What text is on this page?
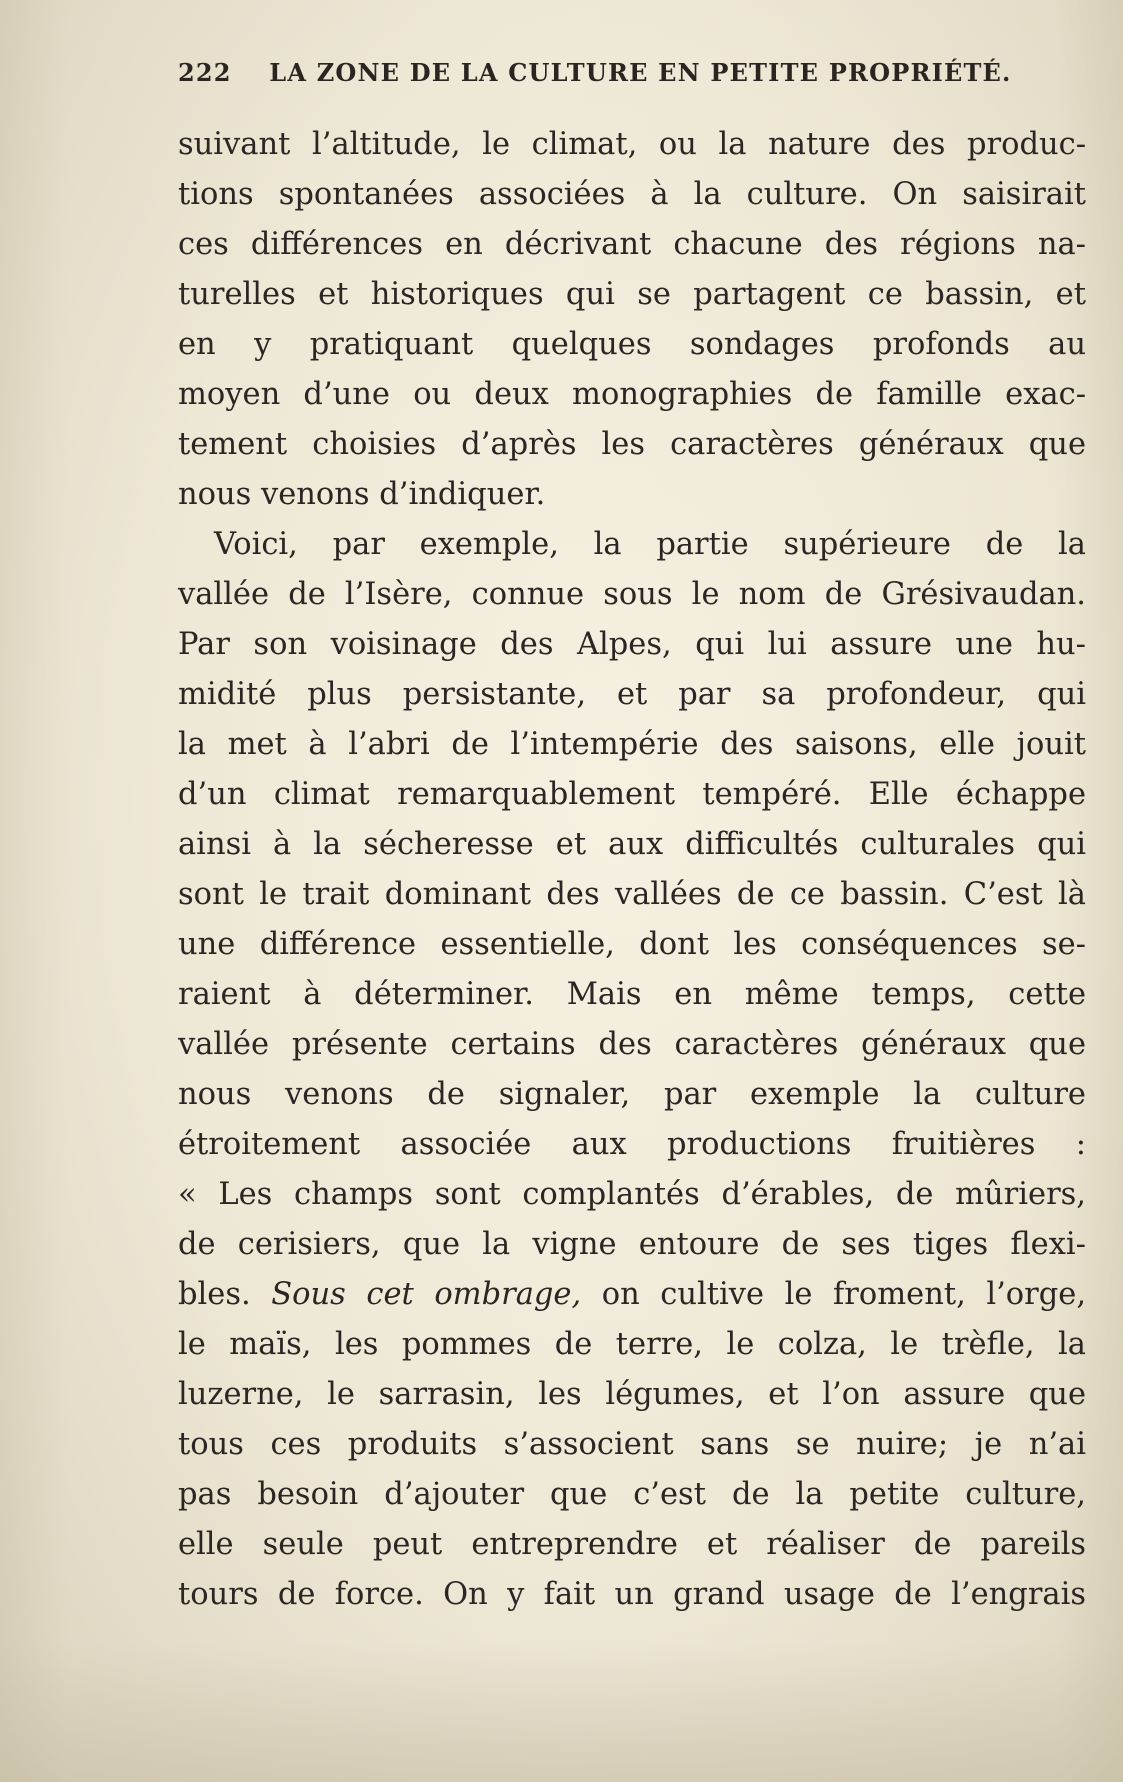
222 LA ZONE DE LA CULTURE EN PETITE PROPRIÉTÉ.
suivant l’altitude, le climat, ou la nature des produc-
tions spontanées associées à la culture. On saisirait
ces différences en décrivant chacune des régions na-
turelles et historiques qui se partagent ce bassin, et
en y pratiquant quelques sondages profonds au
moyen d’une ou deux monographies de famille exac-
tement choisies d’après les caractères généraux que
nous venons d’indiquer.
Voici, par exemple, la partie supérieure de la
vallée de l’Isère, connue sous le nom de Grésivaudan.
Par son voisinage des Alpes, qui lui assure une hu-
midité plus persistante, et par sa profondeur, qui
la met à l’abri de l’intempérie des saisons, elle jouit
d’un climat remarquablement tempéré. Elle échappe
ainsi à la sécheresse et aux difficultés culturales qui
sont le trait dominant des vallées de ce bassin. C’est là
une différence essentielle, dont les conséquences se-
raient à déterminer. Mais en même temps, cette
vallée présente certains des caractères généraux que
nous venons de signaler, par exemple la culture
étroitement associée aux productions fruitières :
« Les champs sont complantés d’érables, de mûriers,
de cerisiers, que la vigne entoure de ses tiges flexi-
bles. Sous cet ombrage, on cultive le froment, l’orge,
le maïs, les pommes de terre, le colza, le trèfle, la
luzerne, le sarrasin, les légumes, et l’on assure que
tous ces produits s’associent sans se nuire; je n’ai
pas besoin d’ajouter que c’est de la petite culture,
elle seule peut entreprendre et réaliser de pareils
tours de force. On y fait un grand usage de l’engrais
